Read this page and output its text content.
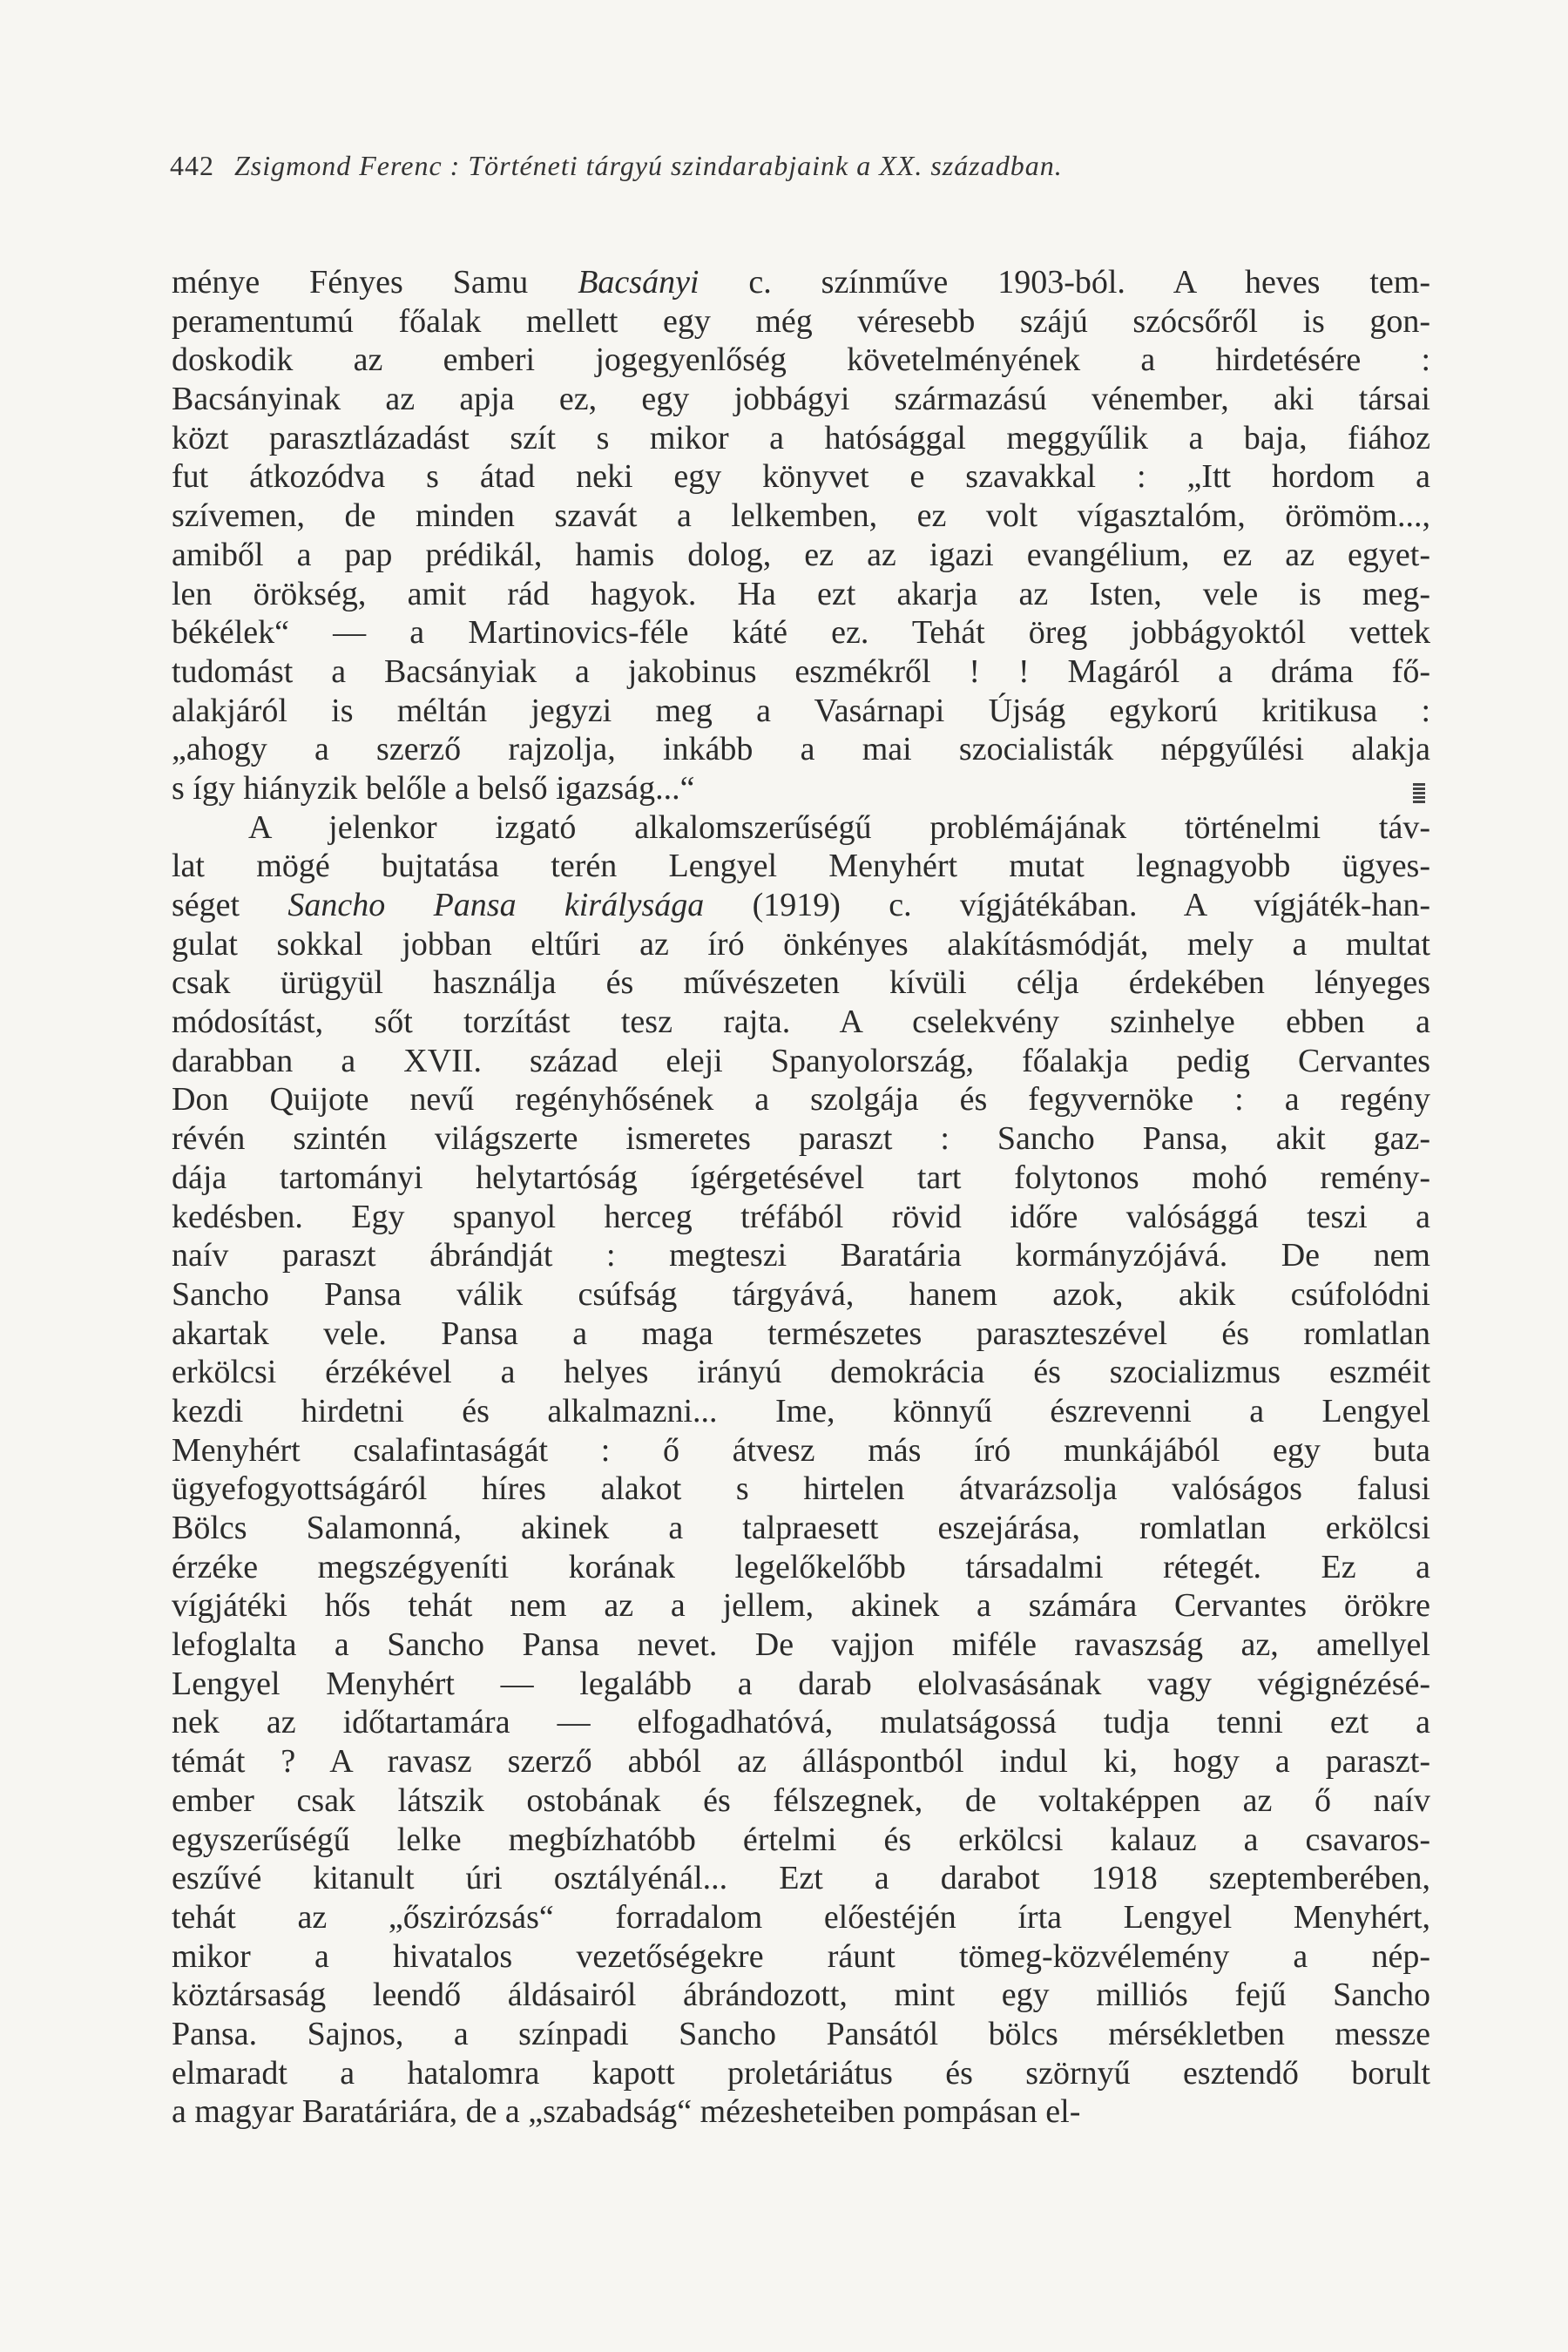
442 Zsigmond Ferenc : Történeti tárgyú szindarabjaink a XX. században.
ménye Fényes Samu Bacsányi c. színműve 1903-ból. A heves tem-
peramentumú főalak mellett egy még véresebb szájú szócsőről is gon-
doskodik az emberi jogegyenlőség követelményének a hirdetésére :
Bacsányinak az apja ez, egy jobbágyi származású vénember, aki társai
közt parasztlázadást szít s mikor a hatósággal meggyűlik a baja, fiához
fut átkozódva s átad neki egy könyvet e szavakkal : „Itt hordom a
szívemen, de minden szavát a lelkemben, ez volt vígasztalóm, örömöm...,
amiből a pap prédikál, hamis dolog, ez az igazi evangélium, ez az egyet-
len örökség, amit rád hagyok. Ha ezt akarja az Isten, vele is meg-
békélek“ — a Martinovics-féle káté ez. Tehát öreg jobbágyoktól vettek
tudomást a Bacsányiak a jakobinus eszmékről ! ! Magáról a dráma fő-
alakjáról is méltán jegyzi meg a Vasárnapi Újság egykorú kritikusa :
„ahogy a szerző rajzolja, inkább a mai szocialisták népgyűlési alakja
s így hiányzik belőle a belső igazság...“
A jelenkor izgató alkalomszerűségű problémájának történelmi táv-
lat mögé bujtatása terén Lengyel Menyhért mutat legnagyobb ügyes-
séget Sancho Pansa királysága (1919) c. vígjátékában. A vígjáték-han-
gulat sokkal jobban eltűri az író önkényes alakításmódját, mely a multat
csak ürügyül használja és művészeten kívüli célja érdekében lényeges
módosítást, sőt torzítást tesz rajta. A cselekvény szinhelye ebben a
darabban a XVII. század eleji Spanyolország, főalakja pedig Cervantes
Don Quijote nevű regényhősének a szolgája és fegyvernöke : a regény
révén szintén világszerte ismeretes paraszt : Sancho Pansa, akit gaz-
dája tartományi helytartóság ígérgetésével tart folytonos mohó remény-
kedésben. Egy spanyol herceg tréfából rövid időre valósággá teszi a
naív paraszt ábrándját : megteszi Baratária kormányzójává. De nem
Sancho Pansa válik csúfság tárgyává, hanem azok, akik csúfolódni
akartak vele. Pansa a maga természetes paraszteszével és romlatlan
erkölcsi érzékével a helyes irányú demokrácia és szocializmus eszméit
kezdi hirdetni és alkalmazni... Ime, könnyű észrevenni a Lengyel
Menyhért csalafintaságát : ő átvesz más író munkájából egy buta
ügyefogyottságáról híres alakot s hirtelen átvarázsolja valóságos falusi
Bölcs Salamonná, akinek a talpraesett eszejárása, romlatlan erkölcsi
érzéke megszégyeníti korának legelőkelőbb társadalmi rétegét. Ez a
vígjátéki hős tehát nem az a jellem, akinek a számára Cervantes örökre
lefoglalta a Sancho Pansa nevet. De vajjon miféle ravaszság az, amellyel
Lengyel Menyhért — legalább a darab elolvasásának vagy végignézésé-
nek az időtartamára — elfogadhatóvá, mulatságossá tudja tenni ezt a
témát ? A ravasz szerző abból az álláspontból indul ki, hogy a paraszt-
ember csak látszik ostobának és félszegnek, de voltaképpen az ő naív
egyszerűségű lelke megbízhatóbb értelmi és erkölcsi kalauz a csavaros-
eszűvé kitanult úri osztályénál... Ezt a darabot 1918 szeptemberében,
tehát az „őszirózsás“ forradalom előestéjén írta Lengyel Menyhért,
mikor a hivatalos vezetőségekre ráunt tömeg-közvélemény a nép-
köztársaság leendő áldásairól ábrándozott, mint egy milliós fejű Sancho
Pansa. Sajnos, a színpadi Sancho Pansától bölcs mérsékletben messze
elmaradt a hatalomra kapott proletáriátus és szörnyű esztendő borult
a magyar Baratáriára, de a „szabadság“ mézesheteiben pompásan el-
